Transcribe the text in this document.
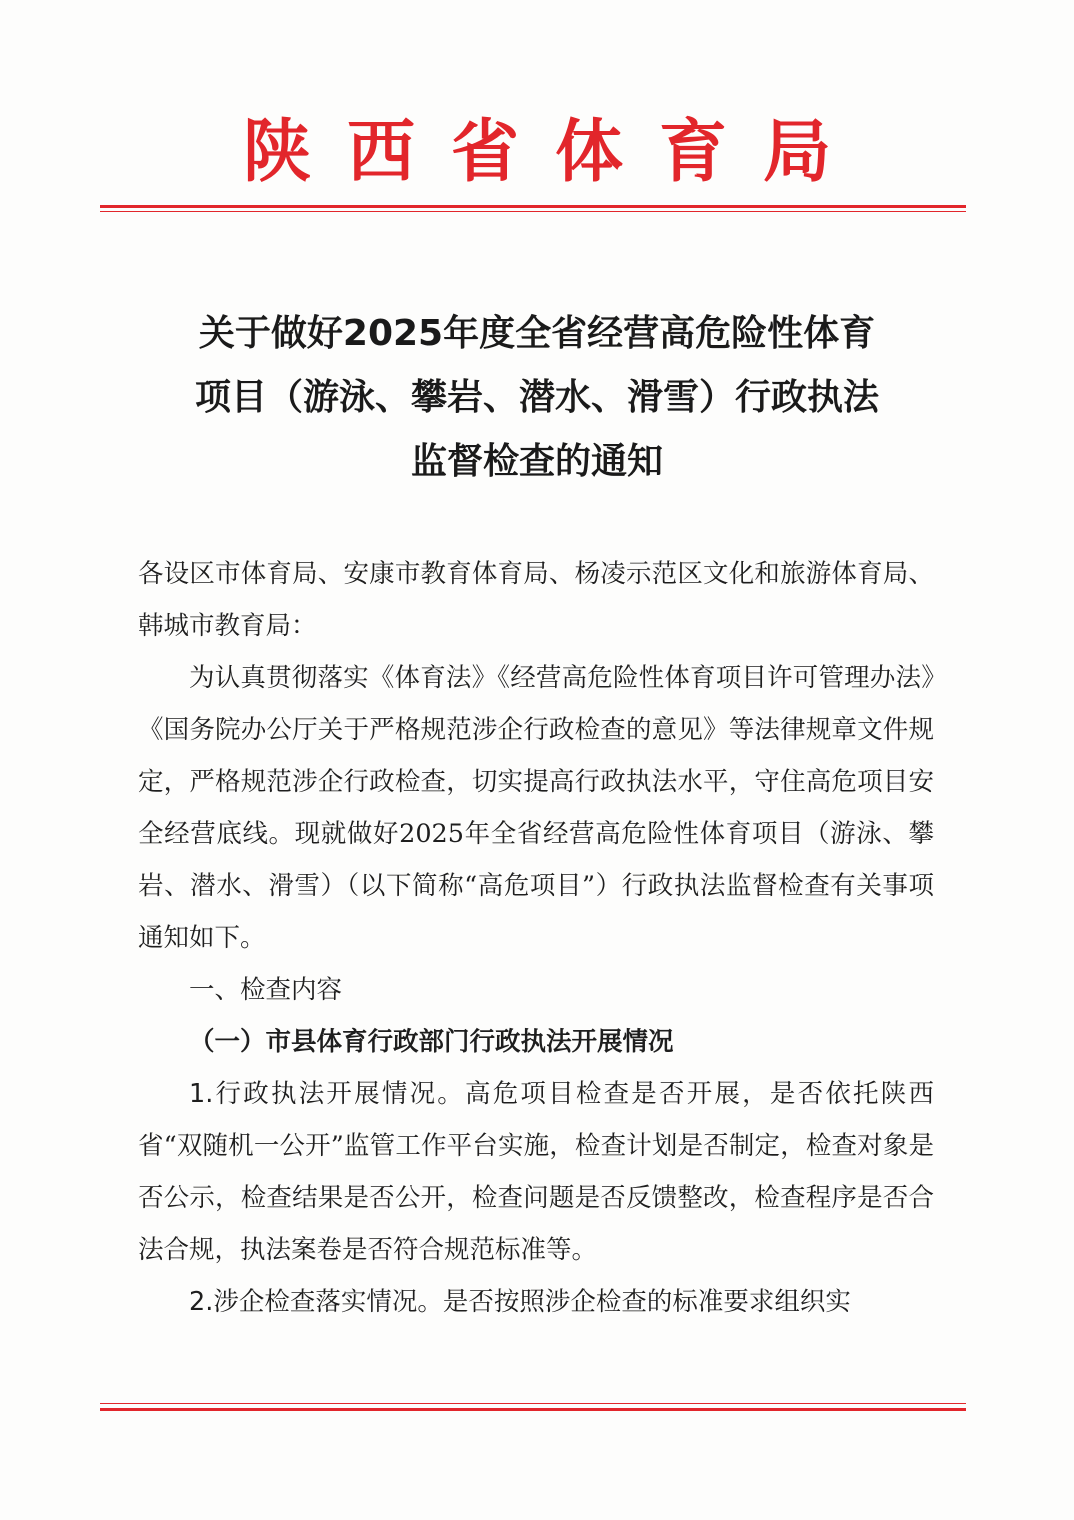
陕西省体育局
关于做好2025年度全省经营高危险性体育
项目（游泳、攀岩、潜水、滑雪）行政执法
监督检查的通知

各设区市体育局、安康市教育体育局、杨凌示范区文化和旅游体育局、韩城市教育局：

为认真贯彻落实《体育法》《经营高危险性体育项目许可管理办法》《国务院办公厅关于严格规范涉企行政检查的意见》等法律规章文件规定，严格规范涉企行政检查，切实提高行政执法水平，守住高危项目安全经营底线。现就做好2025年全省经营高危险性体育项目（游泳、攀岩、潜水、滑雪）（以下简称“高危项目”）行政执法监督检查有关事项通知如下。

一、检查内容

（一）市县体育行政部门行政执法开展情况

1.行政执法开展情况。高危项目检查是否开展，是否依托陕西省“双随机一公开”监管工作平台实施，检查计划是否制定，检查对象是否公示，检查结果是否公开，检查问题是否反馈整改，检查程序是否合法合规，执法案卷是否符合规范标准等。

2.涉企检查落实情况。是否按照涉企检查的标准要求组织实
